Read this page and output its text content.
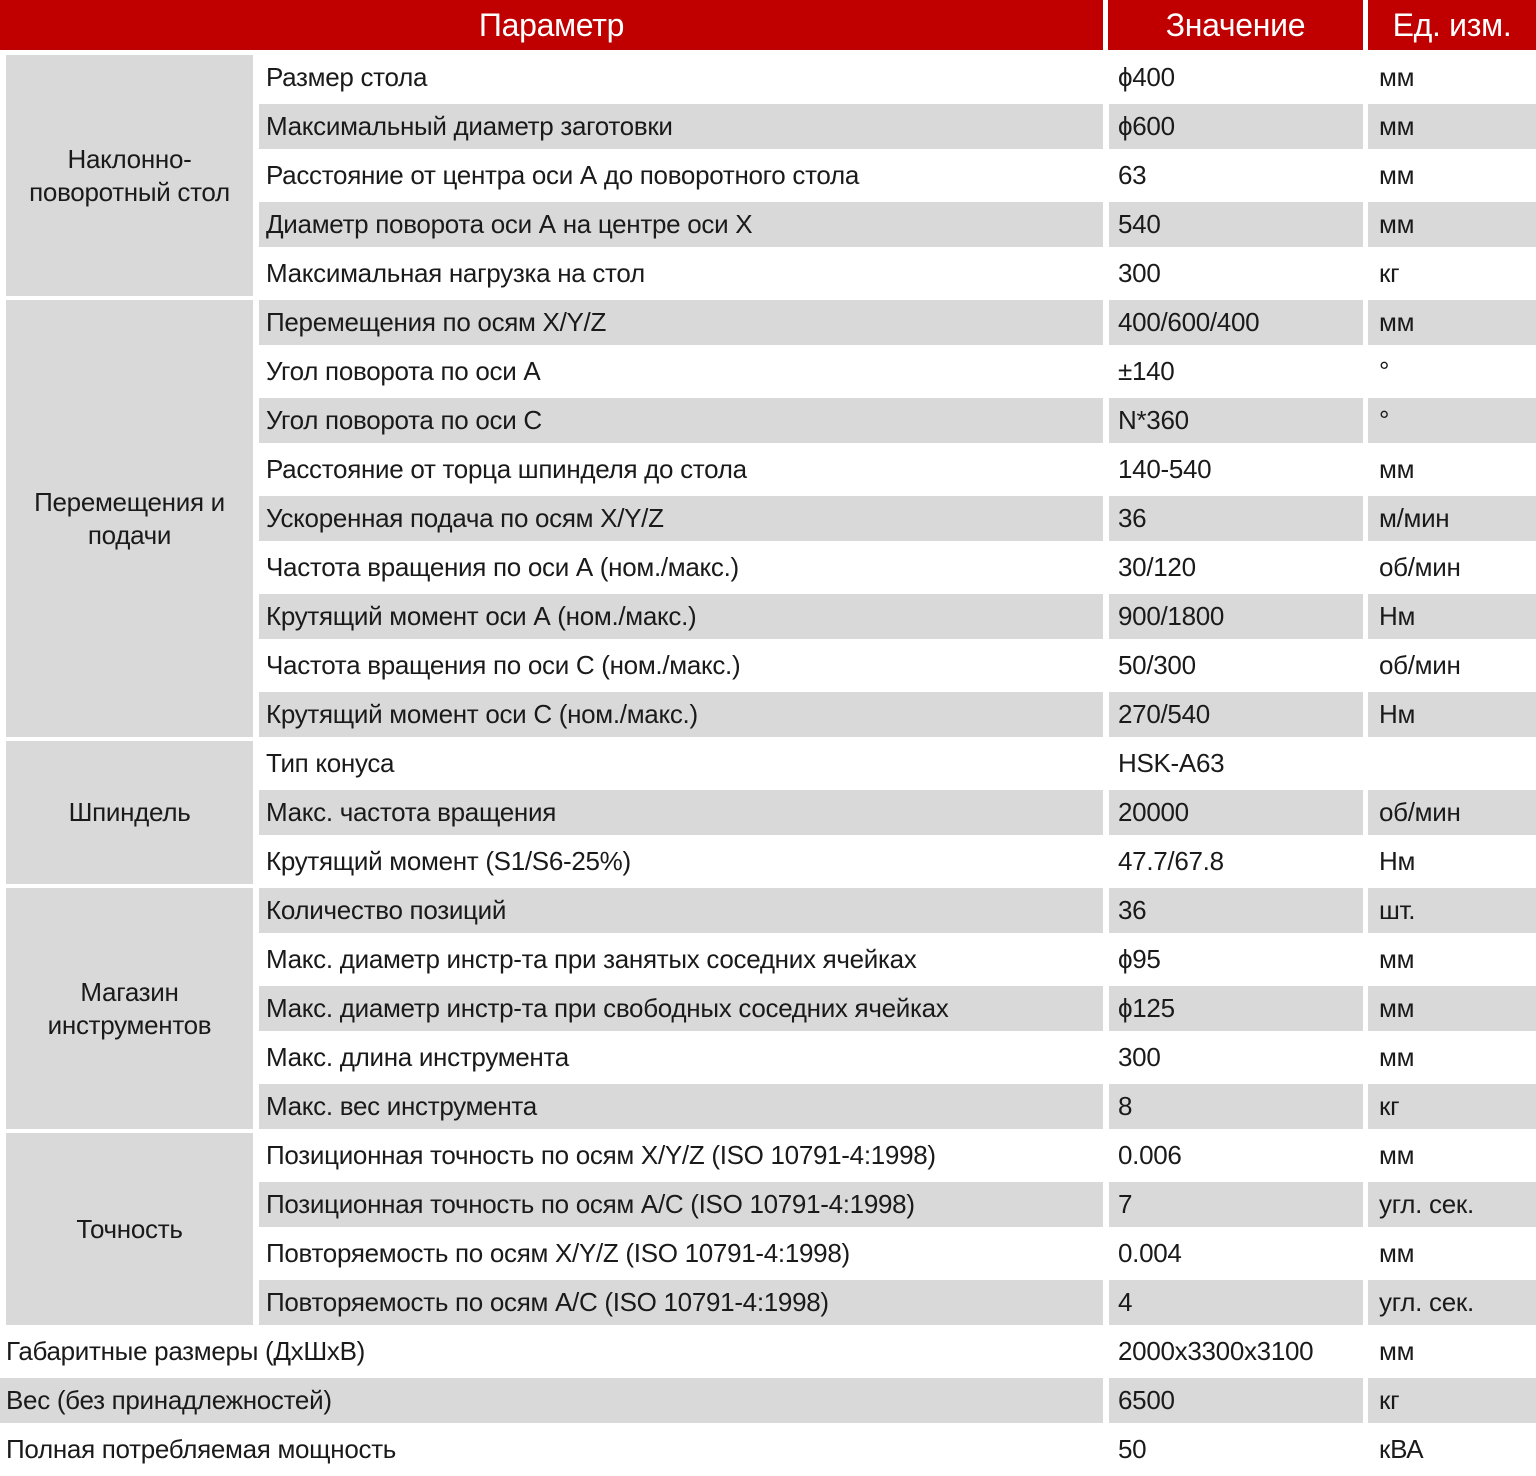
Параметр		Значение	Ед. изм.
Наклонно-поворотный стол	Размер стола	ϕ400	мм
	Максимальный диаметр заготовки	ϕ600	мм
	Расстояние от центра оси А до поворотного стола	63	мм
	Диаметр поворота оси А на центре оси Х	540	мм
	Максимальная нагрузка на стол	300	кг
Перемещения и подачи	Перемещения по осям X/Y/Z	400/600/400	мм
	Угол поворота по оси А	±140	°
	Угол поворота по оси С	N*360	°
	Расстояние от торца шпинделя до стола	140-540	мм
	Ускоренная подача по осям X/Y/Z	36	м/мин
	Частота вращения по оси А (ном./макс.)	30/120	об/мин
	Крутящий момент оси А (ном./макс.)	900/1800	Нм
	Частота вращения по оси С (ном./макс.)	50/300	об/мин
	Крутящий момент оси С (ном./макс.)	270/540	Нм
Шпиндель	Тип конуса	HSK-A63	
	Макс. частота вращения	20000	об/мин
	Крутящий момент (S1/S6-25%)	47.7/67.8	Нм
Магазин инструментов	Количество позиций	36	шт.
	Макс. диаметр инстр-та при занятых соседних ячейках	ϕ95	мм
	Макс. диаметр инстр-та при свободных соседних ячейках	ϕ125	мм
	Макс. длина инструмента	300	мм
	Макс. вес инструмента	8	кг
Точность	Позиционная точность по осям X/Y/Z (ISO 10791-4:1998)	0.006	мм
	Позиционная точность по осям А/С (ISO 10791-4:1998)	7	угл. сек.
	Повторяемость по осям X/Y/Z (ISO 10791-4:1998)	0.004	мм
	Повторяемость по осям А/С (ISO 10791-4:1998)	4	угл. сек.
Габаритные размеры (ДхШхВ)		2000х3300х3100	мм
Вес (без принадлежностей)		6500	кг
Полная потребляемая мощность		50	кВА
